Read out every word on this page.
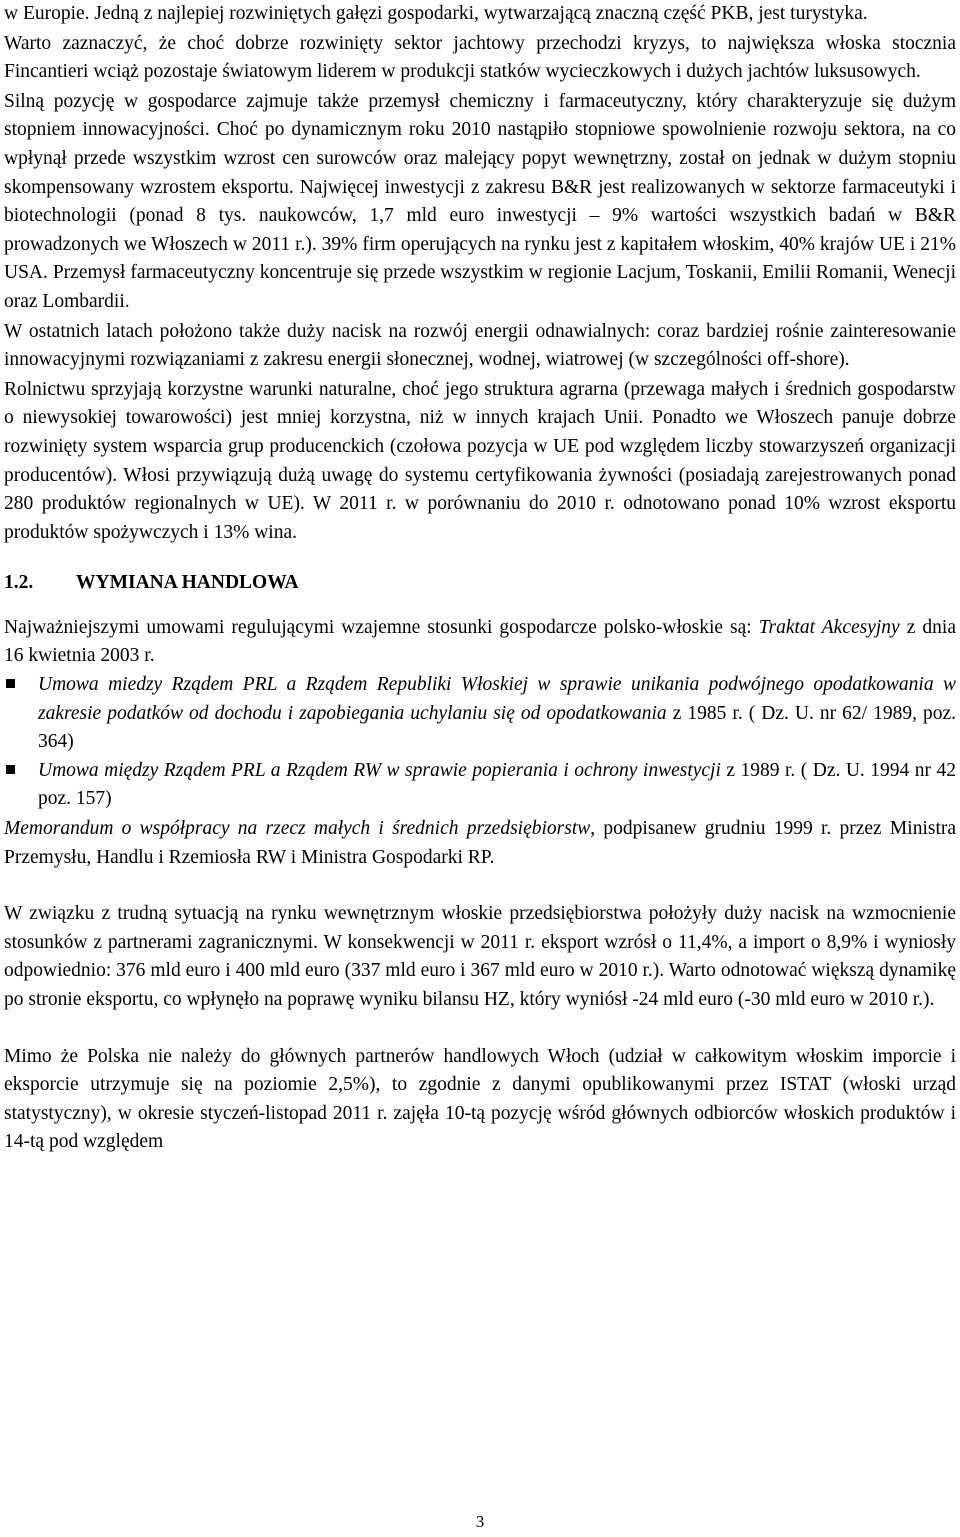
w Europie. Jedną z najlepiej rozwiniętych gałęzi gospodarki, wytwarzającą znaczną część PKB, jest turystyka.

Warto zaznaczyć, że choć dobrze rozwinięty sektor jachtowy przechodzi kryzys, to największa włoska stocznia Fincantieri wciąż pozostaje światowym liderem w produkcji statków wycieczkowych i dużych jachtów luksusowych.

Silną pozycję w gospodarce zajmuje także przemysł chemiczny i farmaceutyczny, który charakteryzuje się dużym stopniem innowacyjności. Choć po dynamicznym roku 2010 nastąpiło stopniowe spowolnienie rozwoju sektora, na co wpłynął przede wszystkim wzrost cen surowców oraz malejący popyt wewnętrzny, został on jednak w dużym stopniu skompensowany wzrostem eksportu. Najwięcej inwestycji z zakresu B&R jest realizowanych w sektorze farmaceutyki i biotechnologii (ponad 8 tys. naukowców, 1,7 mld euro inwestycji – 9% wartości wszystkich badań w B&R prowadzonych we Włoszech w 2011 r.). 39% firm operujących na rynku jest z kapitałem włoskim, 40% krajów UE i 21% USA. Przemysł farmaceutyczny koncentruje się przede wszystkim w regionie Lacjum, Toskanii, Emilii Romanii, Wenecji oraz Lombardii.

W ostatnich latach położono także duży nacisk na rozwój energii odnawialnych: coraz bardziej rośnie zainteresowanie innowacyjnymi rozwiązaniami z zakresu energii słonecznej, wodnej, wiatrowej (w szczególności off-shore).

Rolnictwu sprzyjają korzystne warunki naturalne, choć jego struktura agrarna (przewaga małych i średnich gospodarstw o niewysokiej towarowości) jest mniej korzystna, niż w innych krajach Unii. Ponadto we Włoszech panuje dobrze rozwinięty system wsparcia grup producenckich (czołowa pozycja w UE pod względem liczby stowarzyszeń organizacji producentów). Włosi przywiązują dużą uwagę do systemu certyfikowania żywności (posiadają zarejestrowanych ponad 280 produktów regionalnych w UE). W 2011 r. w porównaniu do 2010 r. odnotowano ponad 10% wzrost eksportu produktów spożywczych i 13% wina.

1.2. WYMIANA HANDLOWA

Najważniejszymi umowami regulującymi wzajemne stosunki gospodarcze polsko-włoskie są: Traktat Akcesyjny z dnia 16 kwietnia 2003 r.

Umowa miedzy Rządem PRL a Rządem Republiki Włoskiej w sprawie unikania podwójnego opodatkowania w zakresie podatków od dochodu i zapobiegania uchylaniu się od opodatkowania z 1985 r. ( Dz. U. nr 62/ 1989, poz. 364)
Umowa między Rządem PRL a Rządem RW w sprawie popierania i ochrony inwestycji z 1989 r. ( Dz. U. 1994 nr 42 poz. 157)

Memorandum o współpracy na rzecz małych i średnich przedsiębiorstw, podpisanew grudniu 1999 r. przez Ministra Przemysłu, Handlu i Rzemiosła RW i Ministra Gospodarki RP.

W związku z trudną sytuacją na rynku wewnętrznym włoskie przedsiębiorstwa położyły duży nacisk na wzmocnienie stosunków z partnerami zagranicznymi. W konsekwencji w 2011 r. eksport wzrósł o 11,4%, a import o 8,9% i wyniosły odpowiednio: 376 mld euro i 400 mld euro (337 mld euro i 367 mld euro w 2010 r.). Warto odnotować większą dynamikę po stronie eksportu, co wpłynęło na poprawę wyniku bilansu HZ, który wyniósł -24 mld euro (-30 mld euro w 2010 r.).

Mimo że Polska nie należy do głównych partnerów handlowych Włoch (udział w całkowitym włoskim imporcie i eksporcie utrzymuje się na poziomie 2,5%), to zgodnie z danymi opublikowanymi przez ISTAT (włoski urząd statystyczny), w okresie styczeń-listopad 2011 r. zajęła 10-tą pozycję wśród głównych odbiorców włoskich produktów i 14-tą pod względem

3
